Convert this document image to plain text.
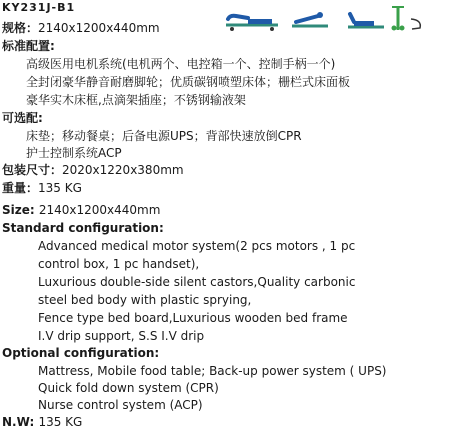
KY231J-B1
规格：2140x1200x440mm
标准配置:
高级医用电机系统(电机两个、电控箱一个、控制手柄一个)
全封闭豪华静音耐磨脚轮；优质碳钢喷塑床体；栅栏式床面板
豪华实木床框,点滴架插座；不锈钢输液架
可选配:
床垫；移动餐桌；后备电源UPS；背部快速放倒CPR
护士控制系统ACP
包装尺寸：2020x1220x380mm
重量：135 KG
Size: 2140x1200x440mm
Standard configuration:
Advanced medical motor system(2 pcs motors , 1 pc
control box, 1 pc handset),
Luxurious double-side silent castors,Quality carbonic
steel bed body with plastic sprying,
Fence type bed board,Luxurious wooden bed frame
I.V drip support, S.S I.V drip
Optional configuration:
Mattress, Mobile food table; Back-up power system ( UPS)
Quick fold down system (CPR)
Nurse control system (ACP)
N.W: 135 KG
